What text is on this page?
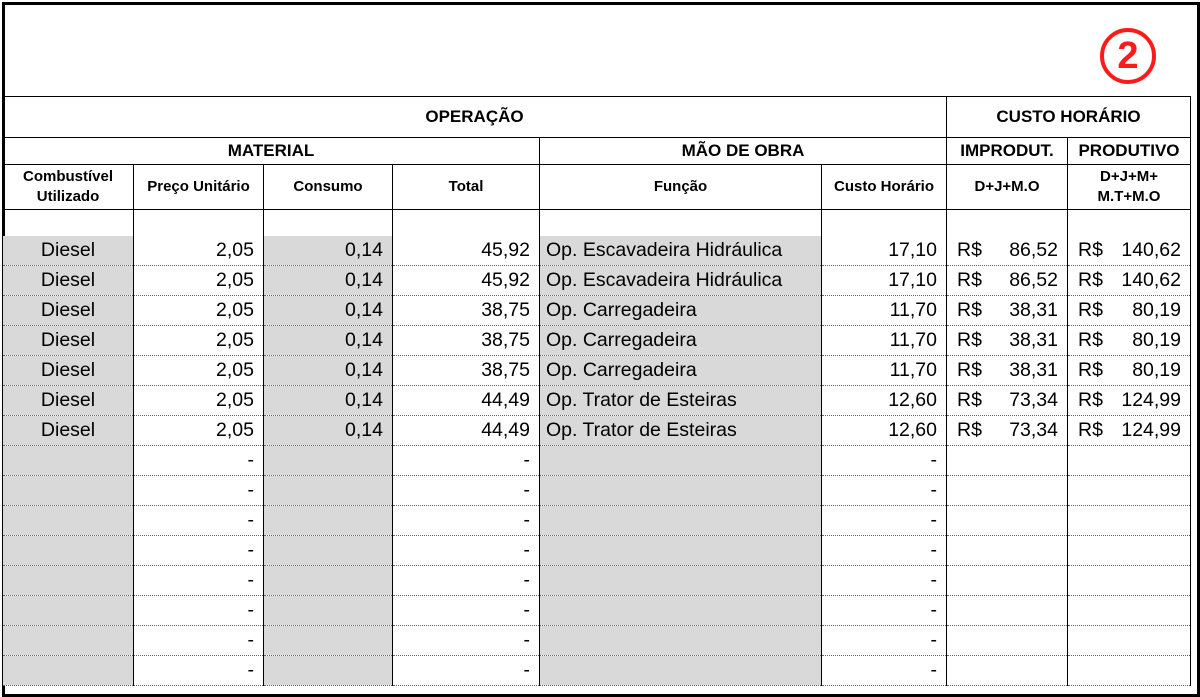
2
OPERAÇÃO						CUSTO HORÁRIO	
MATERIAL				MÃO DE OBRA		IMPRODUT.	PRODUTIVO
Combustível Utilizado	Preço Unitário	Consumo	Total	Função	Custo Horário	D+J+M.O	D+J+M+ M.T+M.O

Diesel	2,05	0,14	45,92	Op. Escavadeira Hidráulica	17,10	R$ 86,52	R$ 140,62

Diesel	2,05	0,14	45,92	Op. Escavadeira Hidráulica	17,10	R$ 86,52	R$ 140,62

Diesel	2,05	0,14	38,75	Op. Carregadeira	11,70	R$ 38,31	R$ 80,19

Diesel	2,05	0,14	38,75	Op. Carregadeira	11,70	R$ 38,31	R$ 80,19

Diesel	2,05	0,14	38,75	Op. Carregadeira	11,70	R$ 38,31	R$ 80,19

Diesel	2,05	0,14	44,49	Op. Trator de Esteiras	12,60	R$ 73,34	R$ 124,99

Diesel	2,05	0,14	44,49	Op. Trator de Esteiras	12,60	R$ 73,34	R$ 124,99

	-		-		-		
	-		-		-		
	-		-		-		
	-		-		-		
	-		-		-		
	-		-		-		
	-		-		-		
	-		-		-		
